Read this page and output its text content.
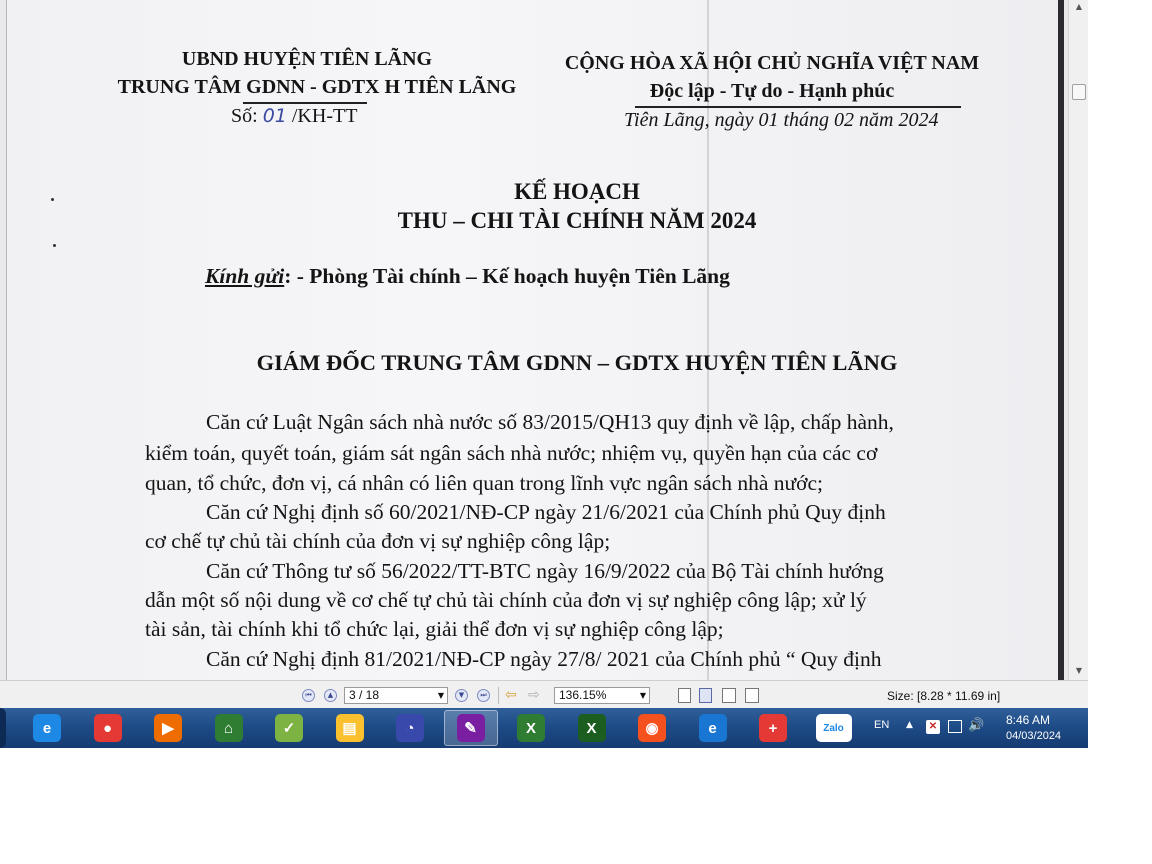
UBND HUYỆN TIÊN LÃNG
TRUNG TÂM GDNN - GDTX H TIÊN LÃNG
Số: 01 /KH-TT
CỘNG HÒA XÃ HỘI CHỦ NGHĨA VIỆT NAM
Độc lập - Tự do - Hạnh phúc
Tiên Lãng, ngày 01 tháng 02 năm 2024
KẾ HOẠCH
THU – CHI TÀI CHÍNH NĂM 2024
Kính gửi: - Phòng Tài chính – Kế hoạch huyện Tiên Lãng
GIÁM ĐỐC TRUNG TÂM GDNN – GDTX HUYỆN TIÊN LÃNG
Căn cứ Luật Ngân sách nhà nước số 83/2015/QH13 quy định về lập, chấp hành,
kiểm toán, quyết toán, giám sát ngân sách nhà nước; nhiệm vụ, quyền hạn của các cơ
quan, tổ chức, đơn vị, cá nhân có liên quan trong lĩnh vực ngân sách nhà nước;
Căn cứ Nghị định số 60/2021/NĐ-CP ngày 21/6/2021 của Chính phủ Quy định
cơ chế tự chủ tài chính của đơn vị sự nghiệp công lập;
Căn cứ Thông tư số 56/2022/TT-BTC ngày 16/9/2022 của Bộ Tài chính hướng
dẫn một số nội dung về cơ chế tự chủ tài chính của đơn vị sự nghiệp công lập; xử lý
tài sản, tài chính khi tổ chức lại, giải thể đơn vị sự nghiệp công lập;
Căn cứ Nghị định 81/2021/NĐ-CP ngày 27/8/ 2021 của Chính phủ “ Quy định
▲
▼
⏮	▲	3 / 18	▼	▼	⏭ ⇦ ⇨	136.15%	▼	Size: [8.28 * 11.69 in]
e	●	▶	⌂	✓	▤	◔	✎	X	X	◉	e	+	Zalo	EN ▲ ✕ 🔊 8:46 AM
04/03/2024
